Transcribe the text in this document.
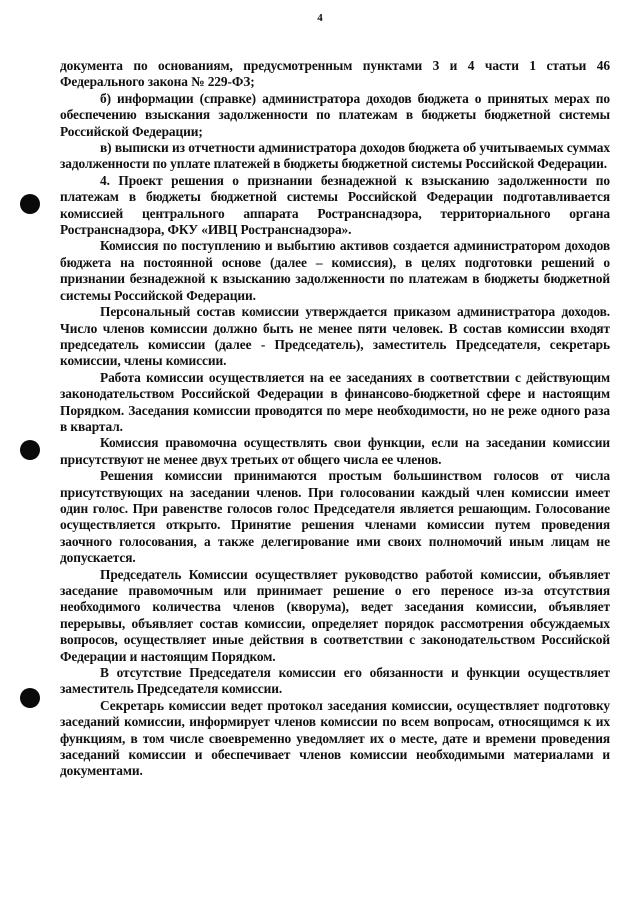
4

документа по основаниям, предусмотренным пунктами 3 и 4 части 1 статьи 46 Федерального закона № 229-ФЗ;

б) информации (справке) администратора доходов бюджета о принятых мерах по обеспечению взыскания задолженности по платежам в бюджеты бюджетной системы Российской Федерации;

в) выписки из отчетности администратора доходов бюджета об учитываемых суммах задолженности по уплате платежей в бюджеты бюджетной системы Российской Федерации.

4. Проект решения о признании безнадежной к взысканию задолженности по платежам в бюджеты бюджетной системы Российской Федерации подготавливается комиссией центрального аппарата Ространснадзора, территориального органа Ространснадзора, ФКУ «ИВЦ Ространснадзора».

Комиссия по поступлению и выбытию активов создается администратором доходов бюджета на постоянной основе (далее – комиссия), в целях подготовки решений о признании безнадежной к взысканию задолженности по платежам в бюджеты бюджетной системы Российской Федерации.

Персональный состав комиссии утверждается приказом администратора доходов. Число членов комиссии должно быть не менее пяти человек. В состав комиссии входят председатель комиссии (далее - Председатель), заместитель Председателя, секретарь комиссии, члены комиссии.

Работа комиссии осуществляется на ее заседаниях в соответствии с действующим законодательством Российской Федерации в финансово-бюджетной сфере и настоящим Порядком. Заседания комиссии проводятся по мере необходимости, но не реже одного раза в квартал.

Комиссия правомочна осуществлять свои функции, если на заседании комиссии присутствуют не менее двух третьих от общего числа ее членов.

Решения комиссии принимаются простым большинством голосов от числа присутствующих на заседании членов. При голосовании каждый член комиссии имеет один голос. При равенстве голосов голос Председателя является решающим. Голосование осуществляется открыто. Принятие решения членами комиссии путем проведения заочного голосования, а также делегирование ими своих полномочий иным лицам не допускается.

Председатель Комиссии осуществляет руководство работой комиссии, объявляет заседание правомочным или принимает решение о его переносе из-за отсутствия необходимого количества членов (кворума), ведет заседания комиссии, объявляет перерывы, объявляет состав комиссии, определяет порядок рассмотрения обсуждаемых вопросов, осуществляет иные действия в соответствии с законодательством Российской Федерации и настоящим Порядком.

В отсутствие Председателя комиссии его обязанности и функции осуществляет заместитель Председателя комиссии.

Секретарь комиссии ведет протокол заседания комиссии, осуществляет подготовку заседаний комиссии, информирует членов комиссии по всем вопросам, относящимся к их функциям, в том числе своевременно уведомляет их о месте, дате и времени проведения заседаний комиссии и обеспечивает членов комиссии необходимыми материалами и документами.
